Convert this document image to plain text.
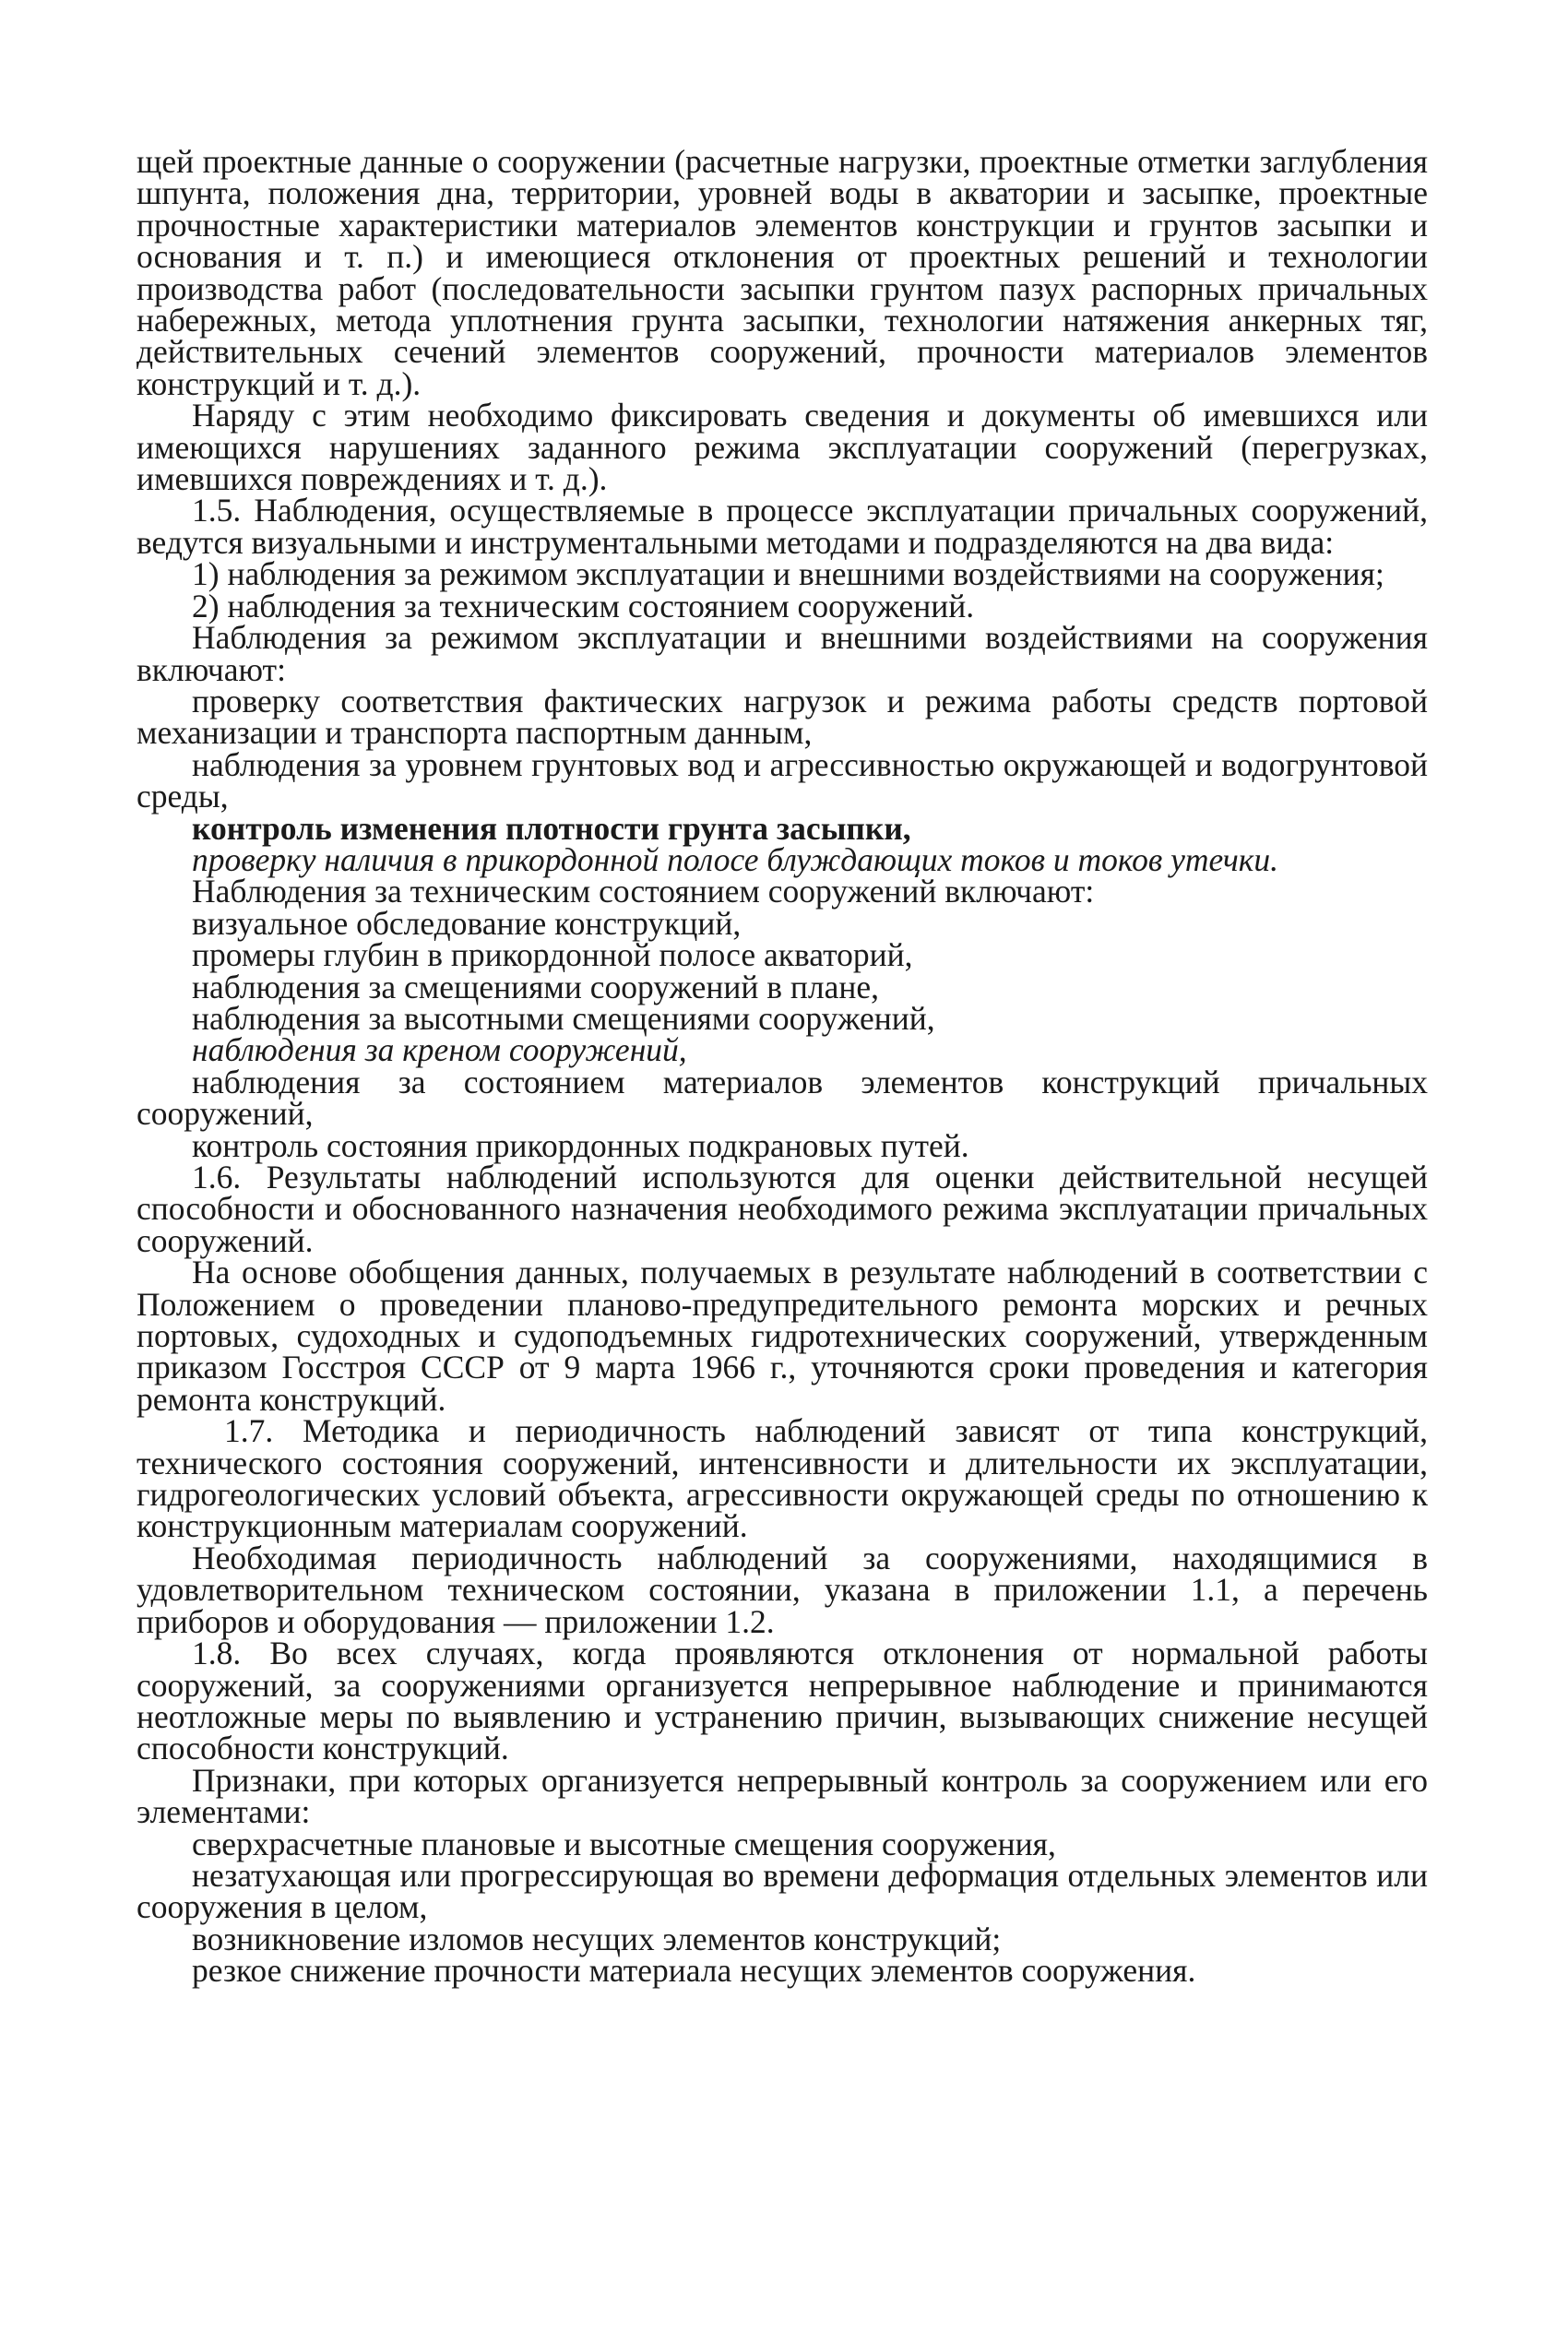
щей проектные данные о сооружении (расчетные нагрузки, проектные отметки заглубления шпунта, положения дна, территории, уровней воды в акватории и засыпке, проектные прочностные характеристики материалов элементов конструкции и грунтов засыпки и основания и т. п.) и имеющиеся отклонения от проектных решений и технологии производства работ (последовательности засыпки грунтом пазух распорных причальных набережных, метода уплотнения грунта засыпки, технологии натяжения анкерных тяг, действительных сечений элементов сооружений, прочности материалов элементов конструкций и т. д.).

Наряду с этим необходимо фиксировать сведения и документы об имевшихся или имеющихся нарушениях заданного режима эксплуатации сооружений (перегрузках, имевшихся повреждениях и т. д.).

1.5. Наблюдения, осуществляемые в процессе эксплуатации причальных сооружений, ведутся визуальными и инструментальными методами и подразделяются на два вида:

1) наблюдения за режимом эксплуатации и внешними воздействиями на сооружения;

2) наблюдения за техническим состоянием сооружений.

Наблюдения за режимом эксплуатации и внешними воздействиями на сооружения включают:

проверку соответствия фактических нагрузок и режима работы средств портовой механизации и транспорта паспортным данным,

наблюдения за уровнем грунтовых вод и агрессивностью окружающей и водогрунтовой среды,

контроль изменения плотности грунта засыпки,

проверку наличия в прикордонной полосе блуждающих токов и токов утечки.

Наблюдения за техническим состоянием сооружений включают:

визуальное обследование конструкций,

промеры глубин в прикордонной полосе акваторий,

наблюдения за смещениями сооружений в плане,

наблюдения за высотными смещениями сооружений,

наблюдения за креном сооружений,

наблюдения за состоянием материалов элементов конструкций причальных сооружений,

контроль состояния прикордонных подкрановых путей.

1.6. Результаты наблюдений используются для оценки действительной несущей способности и обоснованного назначения необходимого режима эксплуатации причальных сооружений.

На основе обобщения данных, получаемых в результате наблюдений в соответствии с Положением о проведении планово-предупредительного ремонта морских и речных портовых, судоходных и судоподъемных гидротехнических сооружений, утвержденным приказом Госстроя СССР от 9 марта 1966 г., уточняются сроки проведения и категория ремонта конструкций.

1.7. Методика и периодичность наблюдений зависят от типа конструкций, технического состояния сооружений, интенсивности и длительности их эксплуатации, гидрогеологических условий объекта, агрессивности окружающей среды по отношению к конструкционным материалам сооружений.

Необходимая периодичность наблюдений за сооружениями, находящимися в удовлетворительном техническом состоянии, указана в приложении 1.1, а перечень приборов и оборудования — приложении 1.2.

1.8. Во всех случаях, когда проявляются отклонения от нормальной работы сооружений, за сооружениями организуется непрерывное наблюдение и принимаются неотложные меры по выявлению и устранению причин, вызывающих снижение несущей способности конструкций.

Признаки, при которых организуется непрерывный контроль за сооружением или его элементами:

сверхрасчетные плановые и высотные смещения сооружения,

незатухающая или прогрессирующая во времени деформация отдельных элементов или сооружения в целом,

возникновение изломов несущих элементов конструкций;

резкое снижение прочности материала несущих элементов сооружения.
